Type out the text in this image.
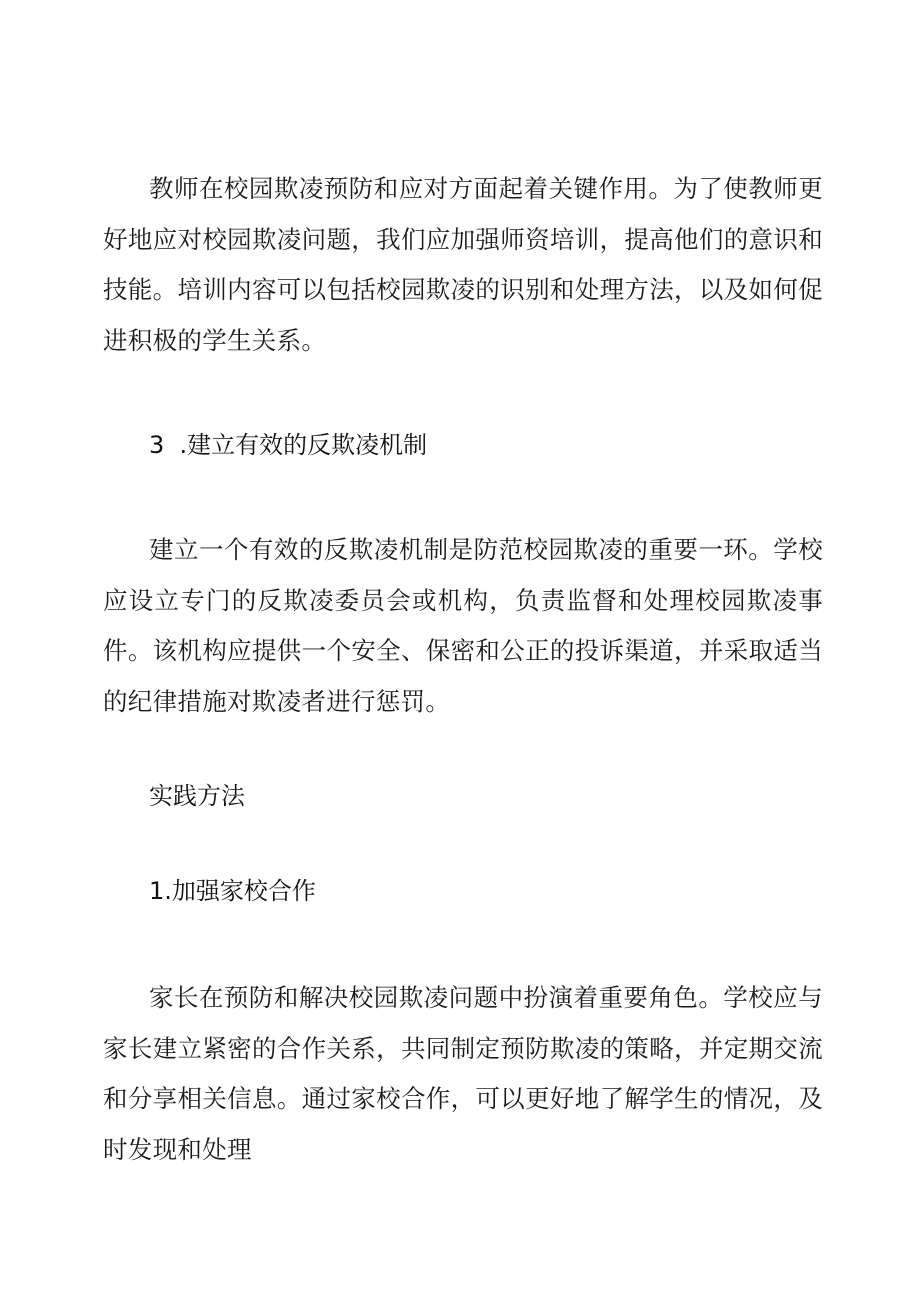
教师在校园欺凌预防和应对方面起着关键作用。为了使教师更好地应对校园欺凌问题，我们应加强师资培训，提高他们的意识和技能。培训内容可以包括校园欺凌的识别和处理方法，以及如何促进积极的学生关系。

3  .建立有效的反欺凌机制

建立一个有效的反欺凌机制是防范校园欺凌的重要一环。学校应设立专门的反欺凌委员会或机构，负责监督和处理校园欺凌事件。该机构应提供一个安全、保密和公正的投诉渠道，并采取适当的纪律措施对欺凌者进行惩罚。

实践方法
1.加强家校合作

家长在预防和解决校园欺凌问题中扮演着重要角色。学校应与家长建立紧密的合作关系，共同制定预防欺凌的策略，并定期交流和分享相关信息。通过家校合作，可以更好地了解学生的情况，及时发现和处理
